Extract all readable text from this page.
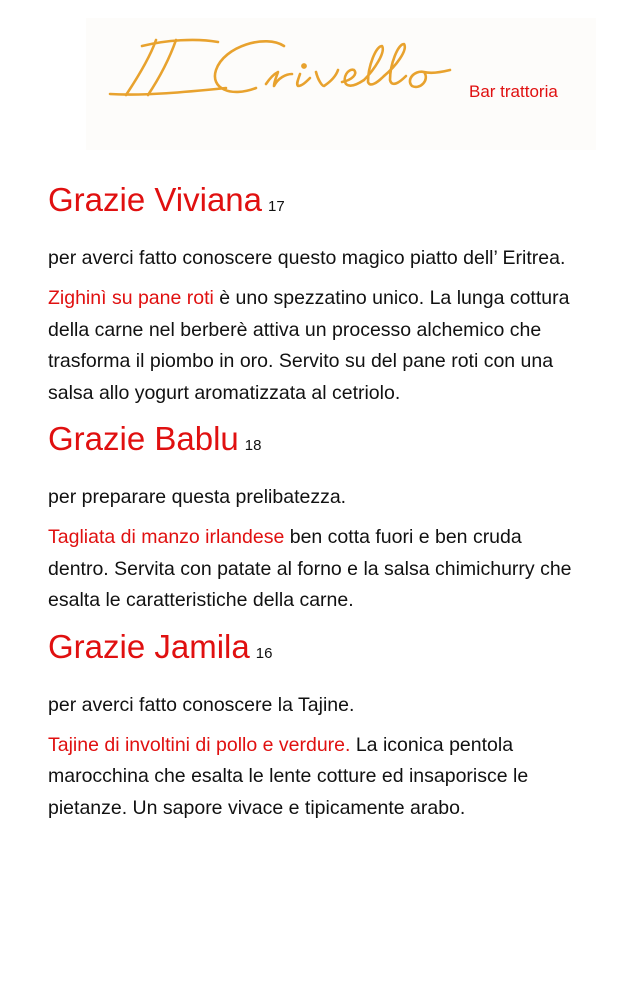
Bar trattoria
Grazie Viviana 17

per averci fatto conoscere questo magico piatto dell’ Eritrea.

Zighinì su pane roti è uno spezzatino unico. La lunga cottura della carne nel berberè attiva un processo alchemico che trasforma il piombo in oro. Servito su del pane roti con una salsa allo yogurt aromatizzata al cetriolo.

Grazie Bablu 18

per preparare questa prelibatezza.

Tagliata di manzo irlandese ben cotta fuori e ben cruda dentro. Servita con patate al forno e la salsa chimichurry che esalta le caratteristiche della carne.

Grazie Jamila 16

per averci fatto conoscere la Tajine.

Tajine di involtini di pollo e verdure. La iconica pentola marocchina che esalta le lente cotture ed insaporisce le pietanze. Un sapore vivace e tipicamente arabo.
